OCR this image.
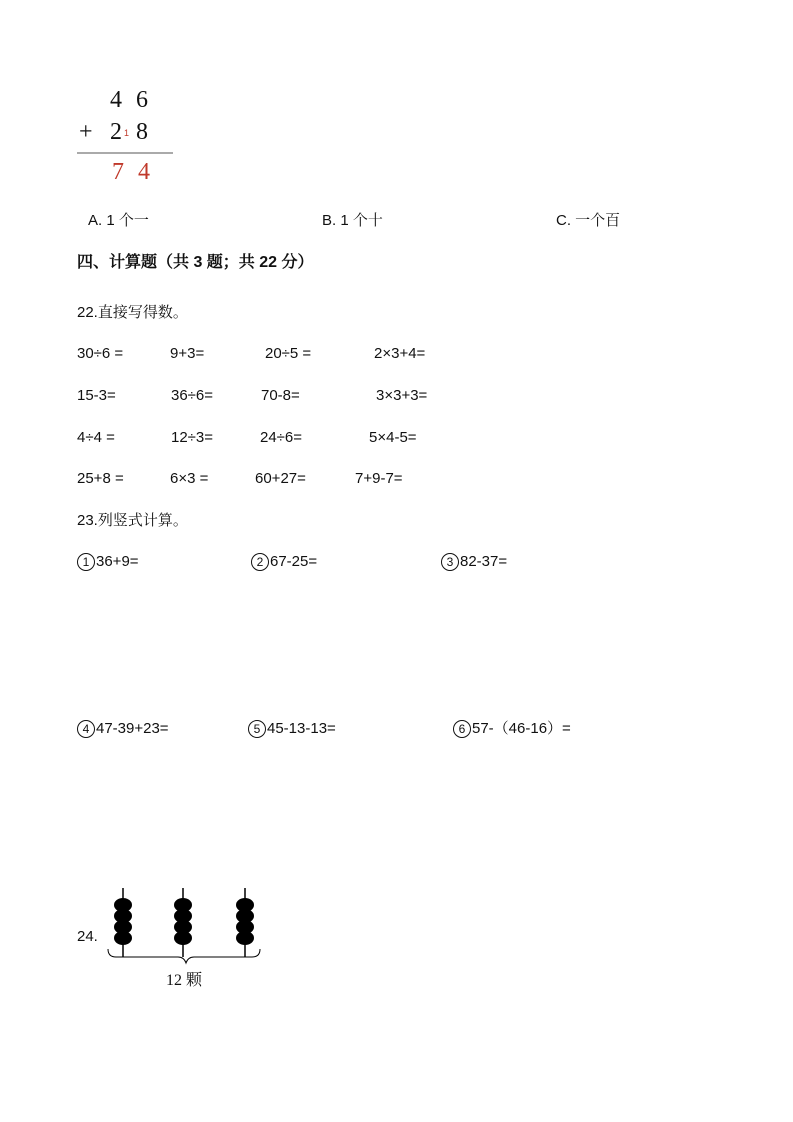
4 6
+ 2 1 8
7 4
A. 1 个一	B. 1 个十	C. 一个百
四、计算题（共 3 题；共 22 分）
22.直接写得数。
30÷6 =	9+3=	20÷5 =	2×3+4=
15-3=	36÷6=	70-8=	3×3+3=
4÷4 =	12÷3=	24÷6=	5×4-5=
25+8 =	6×3 =	60+27=	7+9-7=
23.列竖式计算。
1 36+9=	2 67-25=	3 82-37=
4 47-39+23=	5 45-13-13=	6 57-（46-16）=
24.
12 颗
